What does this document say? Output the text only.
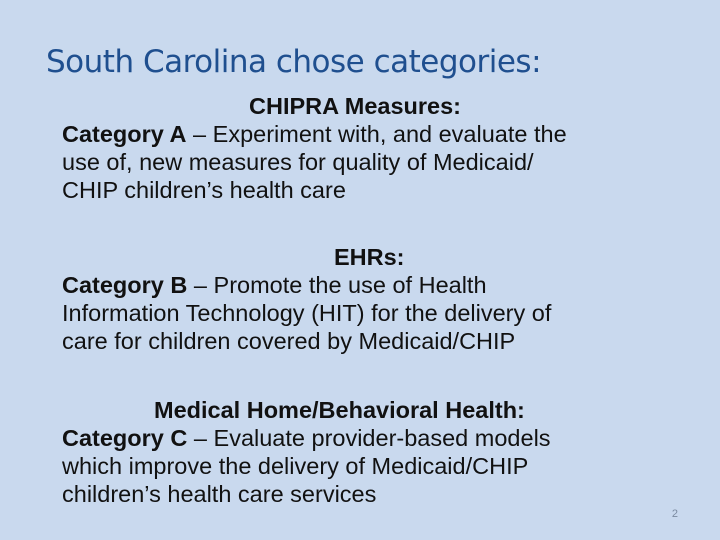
South Carolina chose categories:
CHIPRA Measures:
Category A – Experiment with, and evaluate the
use of, new measures for quality of Medicaid/
CHIP children’s health care
EHRs:
Category B – Promote the use of Health
Information Technology (HIT) for the delivery of
care for children covered by Medicaid/CHIP
Medical Home/Behavioral Health:
Category C – Evaluate provider-based models
which improve the delivery of Medicaid/CHIP
children’s health care services
2
